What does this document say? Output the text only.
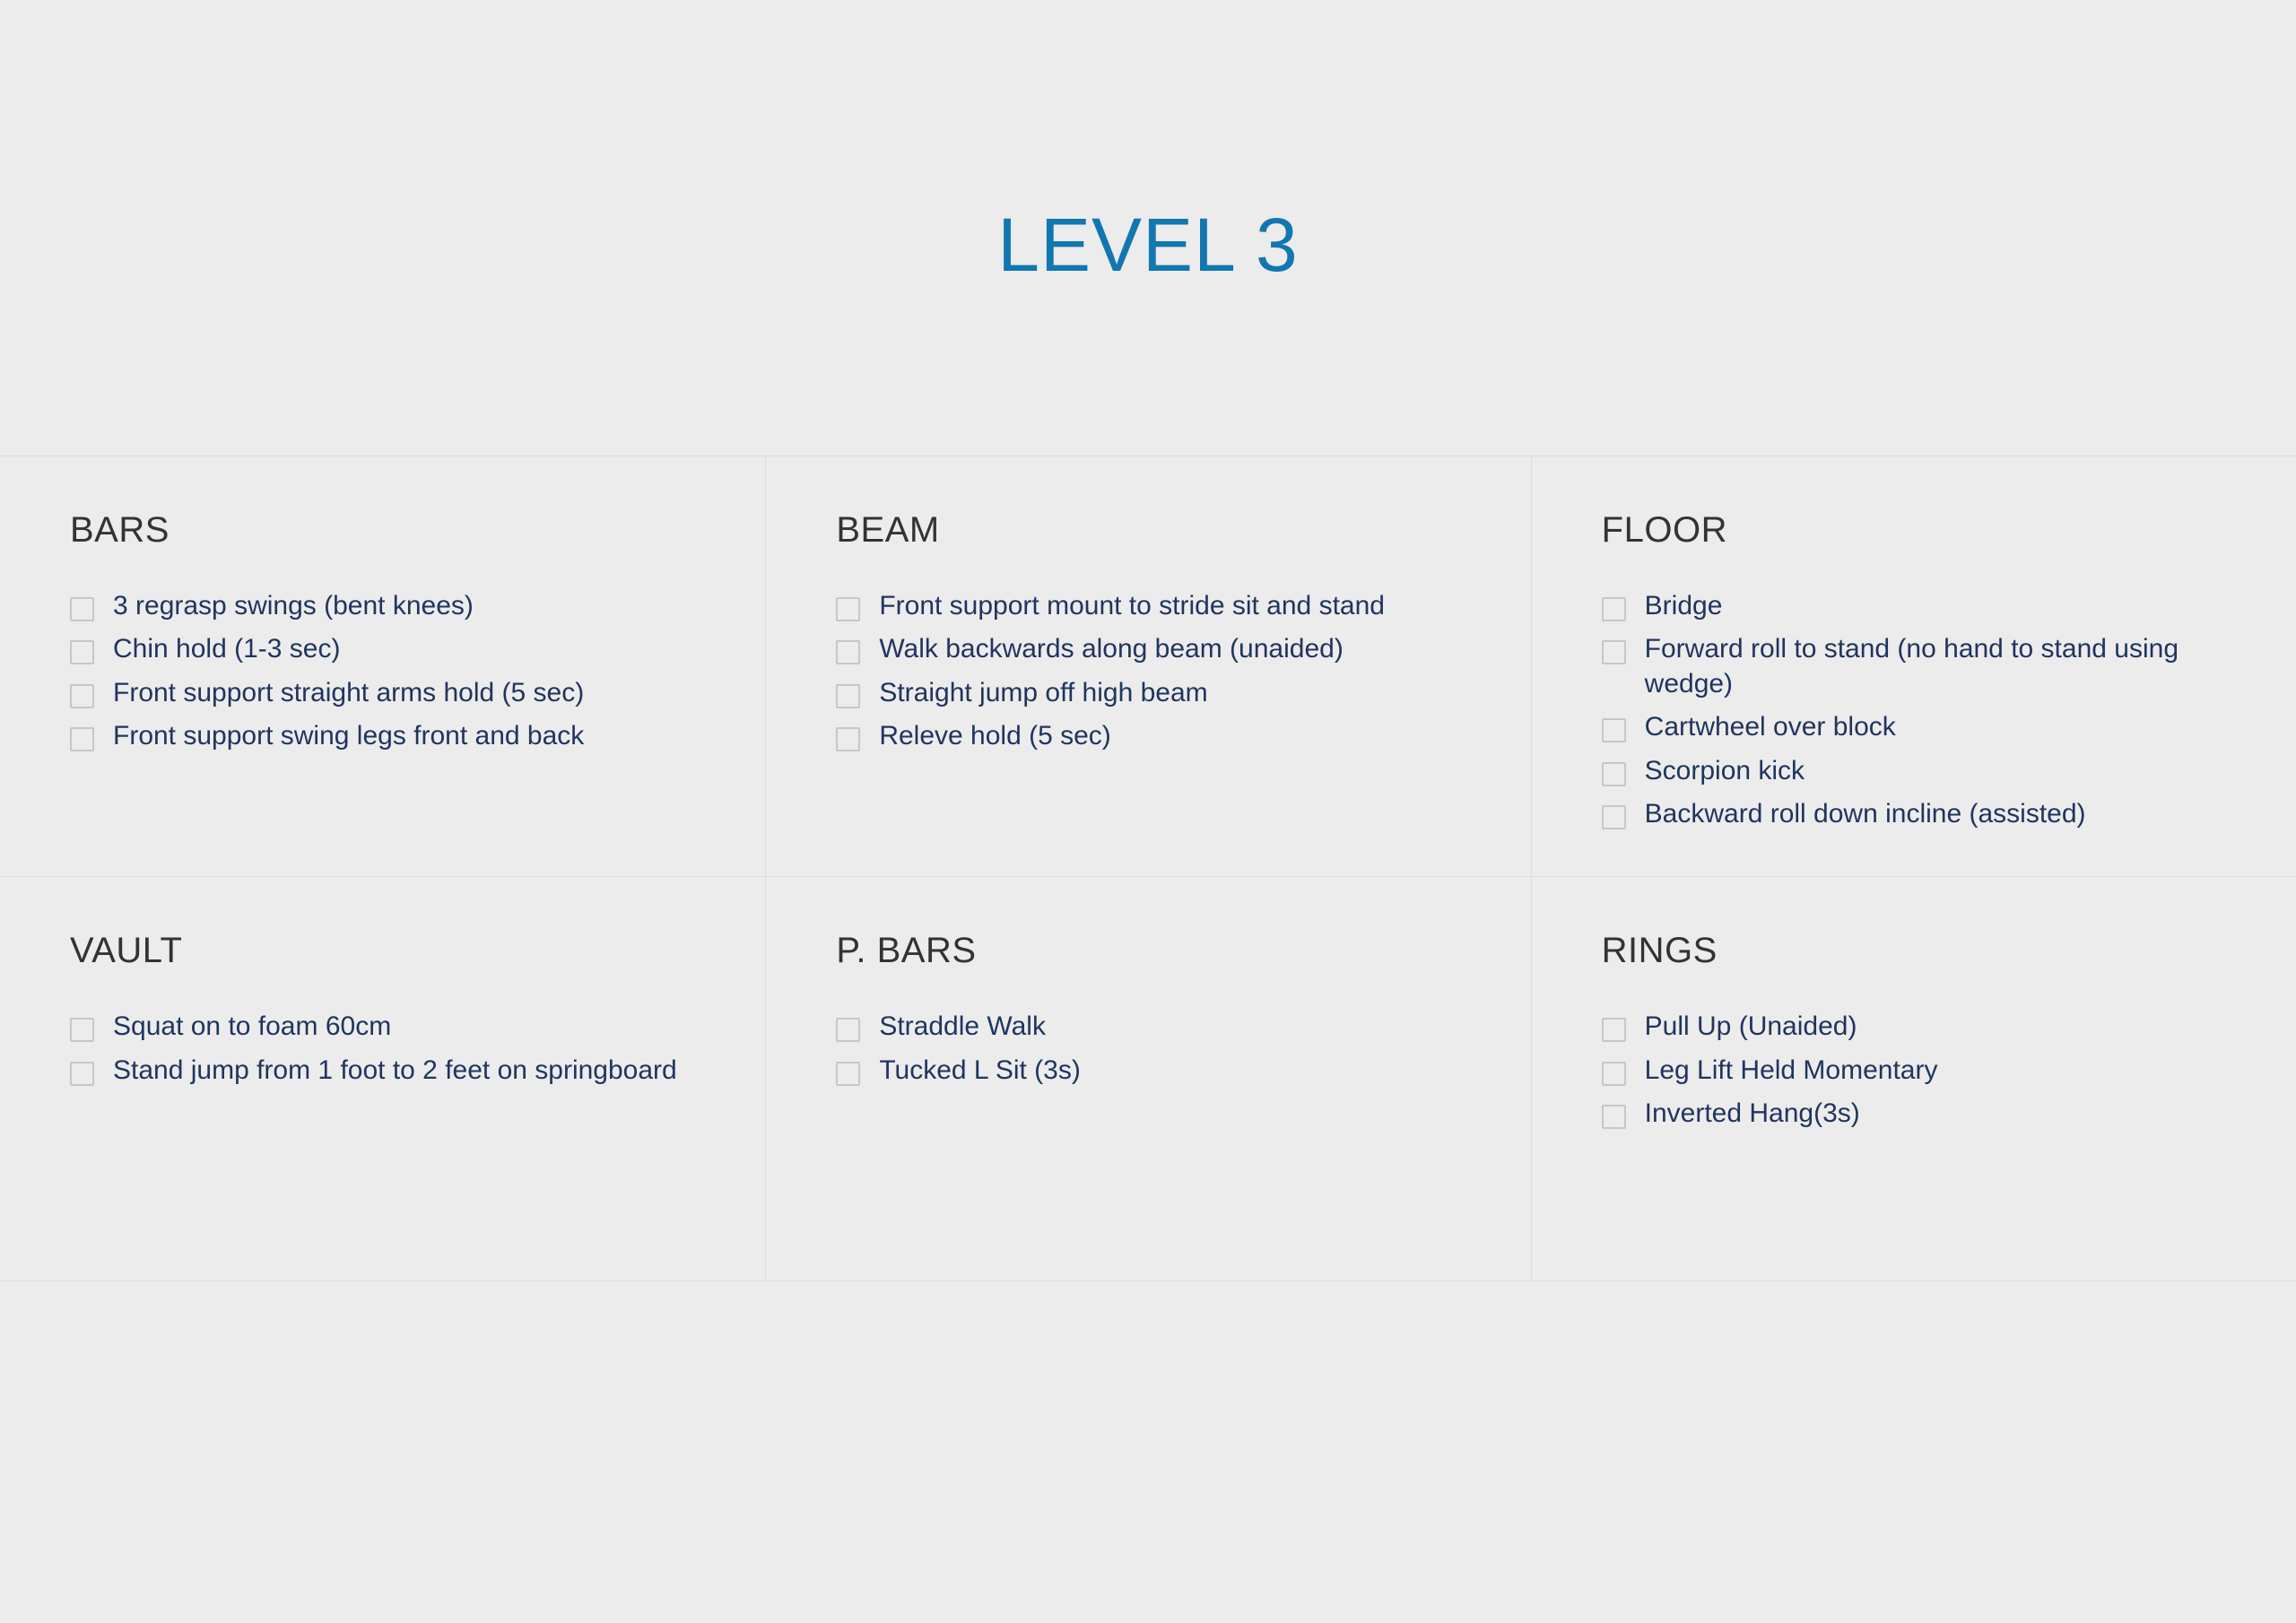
LEVEL 3
BARS
3 regrasp swings (bent knees)
Chin hold (1-3 sec)
Front support straight arms hold (5 sec)
Front support swing legs front and back
BEAM
Front support mount to stride sit and stand
Walk backwards along beam (unaided)
Straight jump off high beam
Releve hold (5 sec)
FLOOR
Bridge
Forward roll to stand (no hand to stand using wedge)
Cartwheel over block
Scorpion kick
Backward roll down incline (assisted)
VAULT
Squat on to foam 60cm
Stand jump from 1 foot to 2 feet on springboard
P. BARS
Straddle Walk
Tucked L Sit (3s)
RINGS
Pull Up (Unaided)
Leg Lift Held Momentary
Inverted Hang(3s)
